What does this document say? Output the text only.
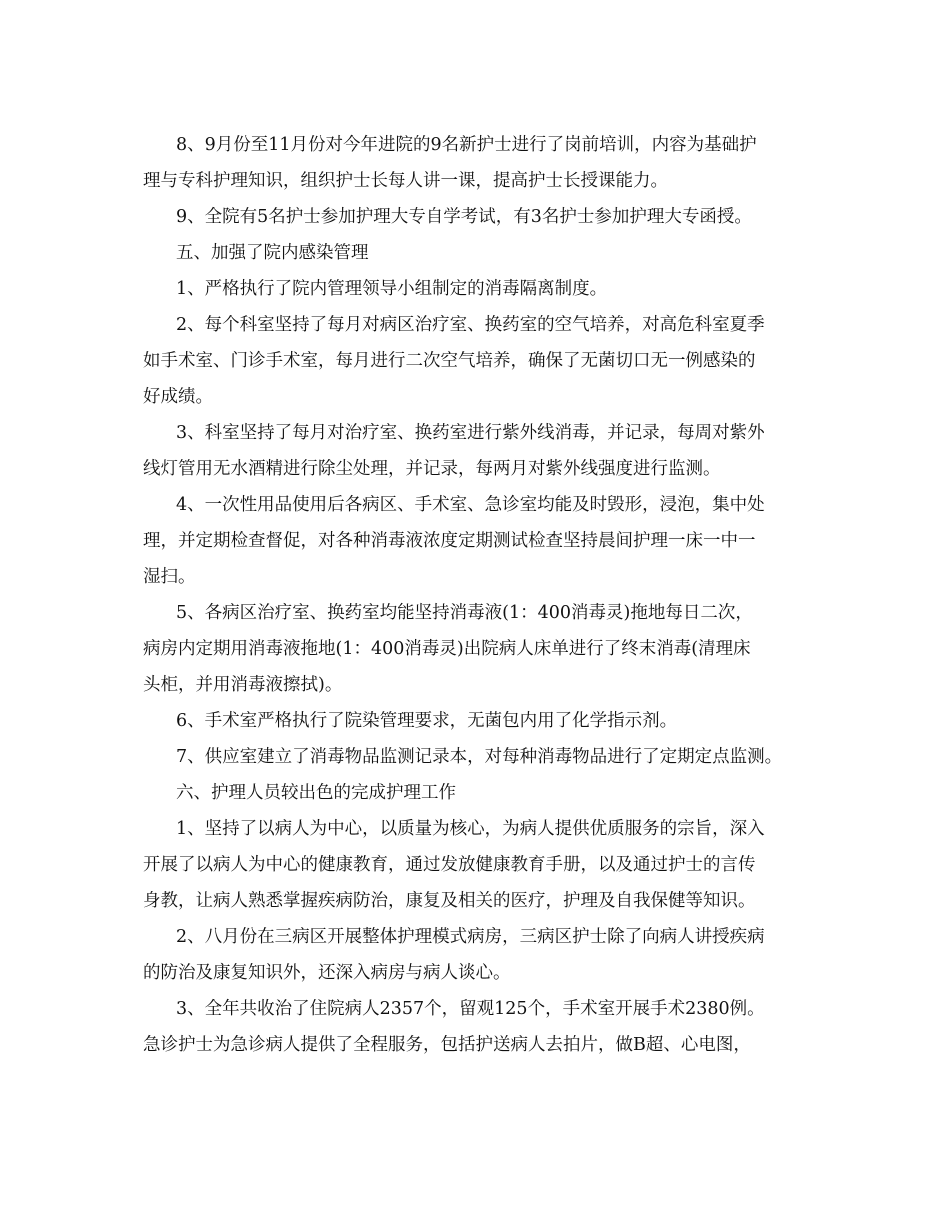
8、9月份至11月份对今年进院的9名新护士进行了岗前培训，内容为基础护
理与专科护理知识，组织护士长每人讲一课，提高护士长授课能力。
9、全院有5名护士参加护理大专自学考试，有3名护士参加护理大专函授。
五、加强了院内感染管理
1、严格执行了院内管理领导小组制定的消毒隔离制度。
2、每个科室坚持了每月对病区治疗室、换药室的空气培养，对高危科室夏季
如手术室、门诊手术室，每月进行二次空气培养，确保了无菌切口无一例感染的
好成绩。
3、科室坚持了每月对治疗室、换药室进行紫外线消毒，并记录，每周对紫外
线灯管用无水酒精进行除尘处理，并记录，每两月对紫外线强度进行监测。
4、一次性用品使用后各病区、手术室、急诊室均能及时毁形，浸泡，集中处
理，并定期检查督促，对各种消毒液浓度定期测试检查坚持晨间护理一床一中一
湿扫。
5、各病区治疗室、换药室均能坚持消毒液(1：400消毒灵)拖地每日二次，
病房内定期用消毒液拖地(1：400消毒灵)出院病人床单进行了终末消毒(清理床
头柜，并用消毒液擦拭)。
6、手术室严格执行了院染管理要求，无菌包内用了化学指示剂。
7、供应室建立了消毒物品监测记录本，对每种消毒物品进行了定期定点监测。
六、护理人员较出色的完成护理工作
1、坚持了以病人为中心，以质量为核心，为病人提供优质服务的宗旨，深入
开展了以病人为中心的健康教育，通过发放健康教育手册，以及通过护士的言传
身教，让病人熟悉掌握疾病防治，康复及相关的医疗，护理及自我保健等知识。
2、八月份在三病区开展整体护理模式病房，三病区护士除了向病人讲授疾病
的防治及康复知识外，还深入病房与病人谈心。
3、全年共收治了住院病人2357个，留观125个，手术室开展手术2380例。
急诊护士为急诊病人提供了全程服务，包括护送病人去拍片，做B超、心电图，
